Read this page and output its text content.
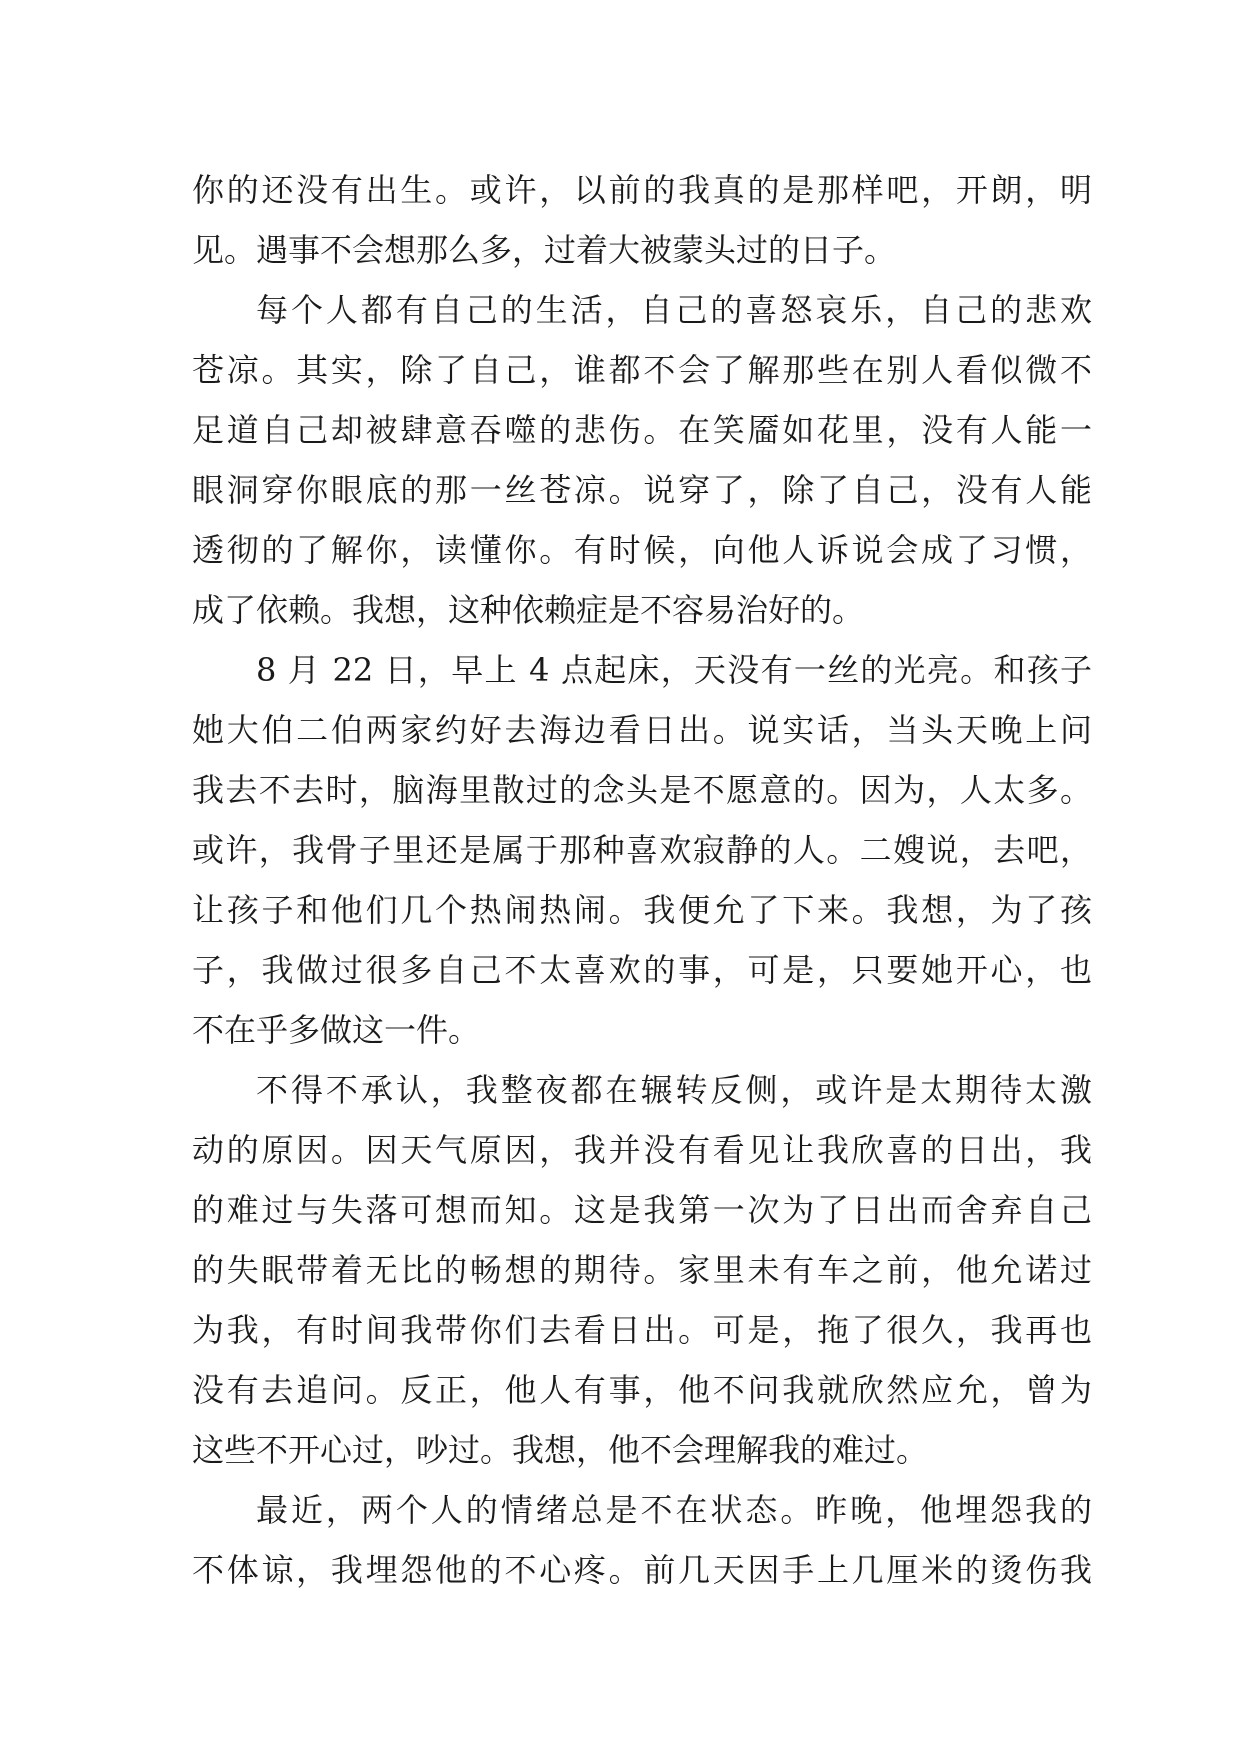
你的还没有出生。或许，以前的我真的是那样吧，开朗，明
见。遇事不会想那么多，过着大被蒙头过的日子。
每个人都有自己的生活，自己的喜怒哀乐，自己的悲欢
苍凉。其实，除了自己，谁都不会了解那些在别人看似微不
足道自己却被肆意吞噬的悲伤。在笑靥如花里，没有人能一
眼洞穿你眼底的那一丝苍凉。说穿了，除了自己，没有人能
透彻的了解你，读懂你。有时候，向他人诉说会成了习惯，
成了依赖。我想，这种依赖症是不容易治好的。
8 月 22 日，早上 4 点起床，天没有一丝的光亮。和孩子
她大伯二伯两家约好去海边看日出。说实话，当头天晚上问
我去不去时，脑海里散过的念头是不愿意的。因为，人太多。
或许，我骨子里还是属于那种喜欢寂静的人。二嫂说，去吧，
让孩子和他们几个热闹热闹。我便允了下来。我想，为了孩
子，我做过很多自己不太喜欢的事，可是，只要她开心，也
不在乎多做这一件。
不得不承认，我整夜都在辗转反侧，或许是太期待太激
动的原因。因天气原因，我并没有看见让我欣喜的日出，我
的难过与失落可想而知。这是我第一次为了日出而舍弃自己
的失眠带着无比的畅想的期待。家里未有车之前，他允诺过
为我，有时间我带你们去看日出。可是，拖了很久，我再也
没有去追问。反正，他人有事，他不问我就欣然应允，曾为
这些不开心过，吵过。我想，他不会理解我的难过。
最近，两个人的情绪总是不在状态。昨晚，他埋怨我的
不体谅，我埋怨他的不心疼。前几天因手上几厘米的烫伤我
